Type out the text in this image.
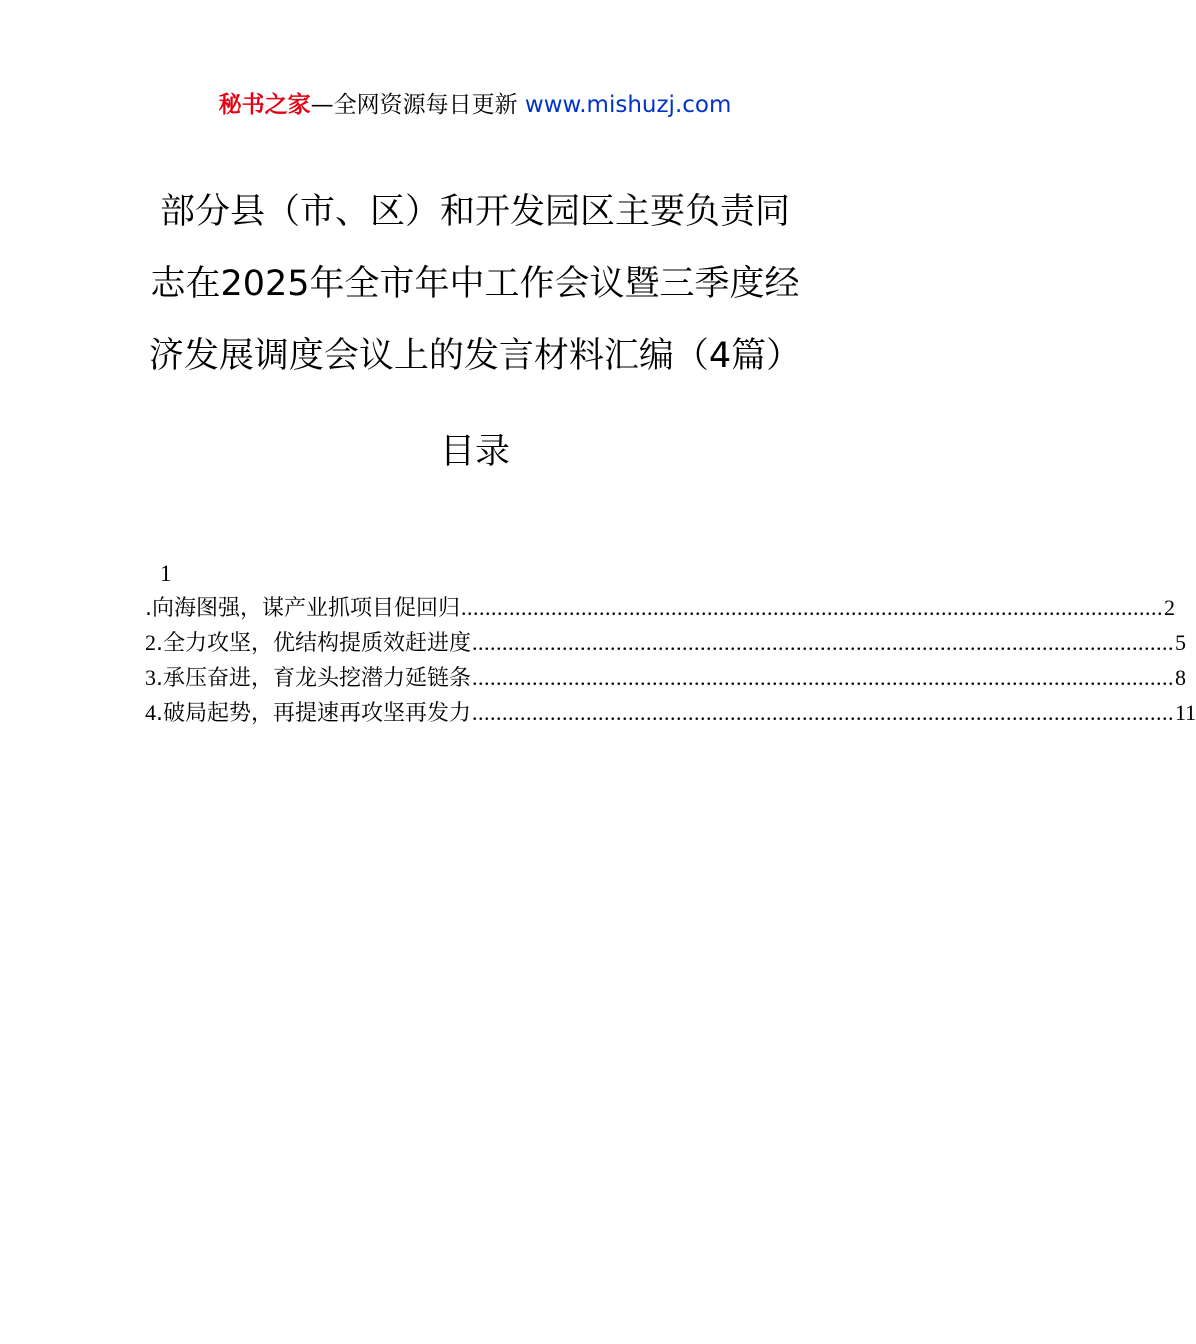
秘书之家—全网资源每日更新 www.mishuzj.com
部分县（市、区）和开发园区主要负责同
志在2025年全市年中工作会议暨三季度经
济发展调度会议上的发言材料汇编（4篇）
目录
1
.向海图强，谋产业抓项目促回归 ..................................................................................................................... 2
2.全力攻坚，优结构提质效赶进度 ..................................................................................................................... 5
3.承压奋进，育龙头挖潜力延链条 ..................................................................................................................... 8
4.破局起势，再提速再攻坚再发力 ..................................................................................................................... 11
